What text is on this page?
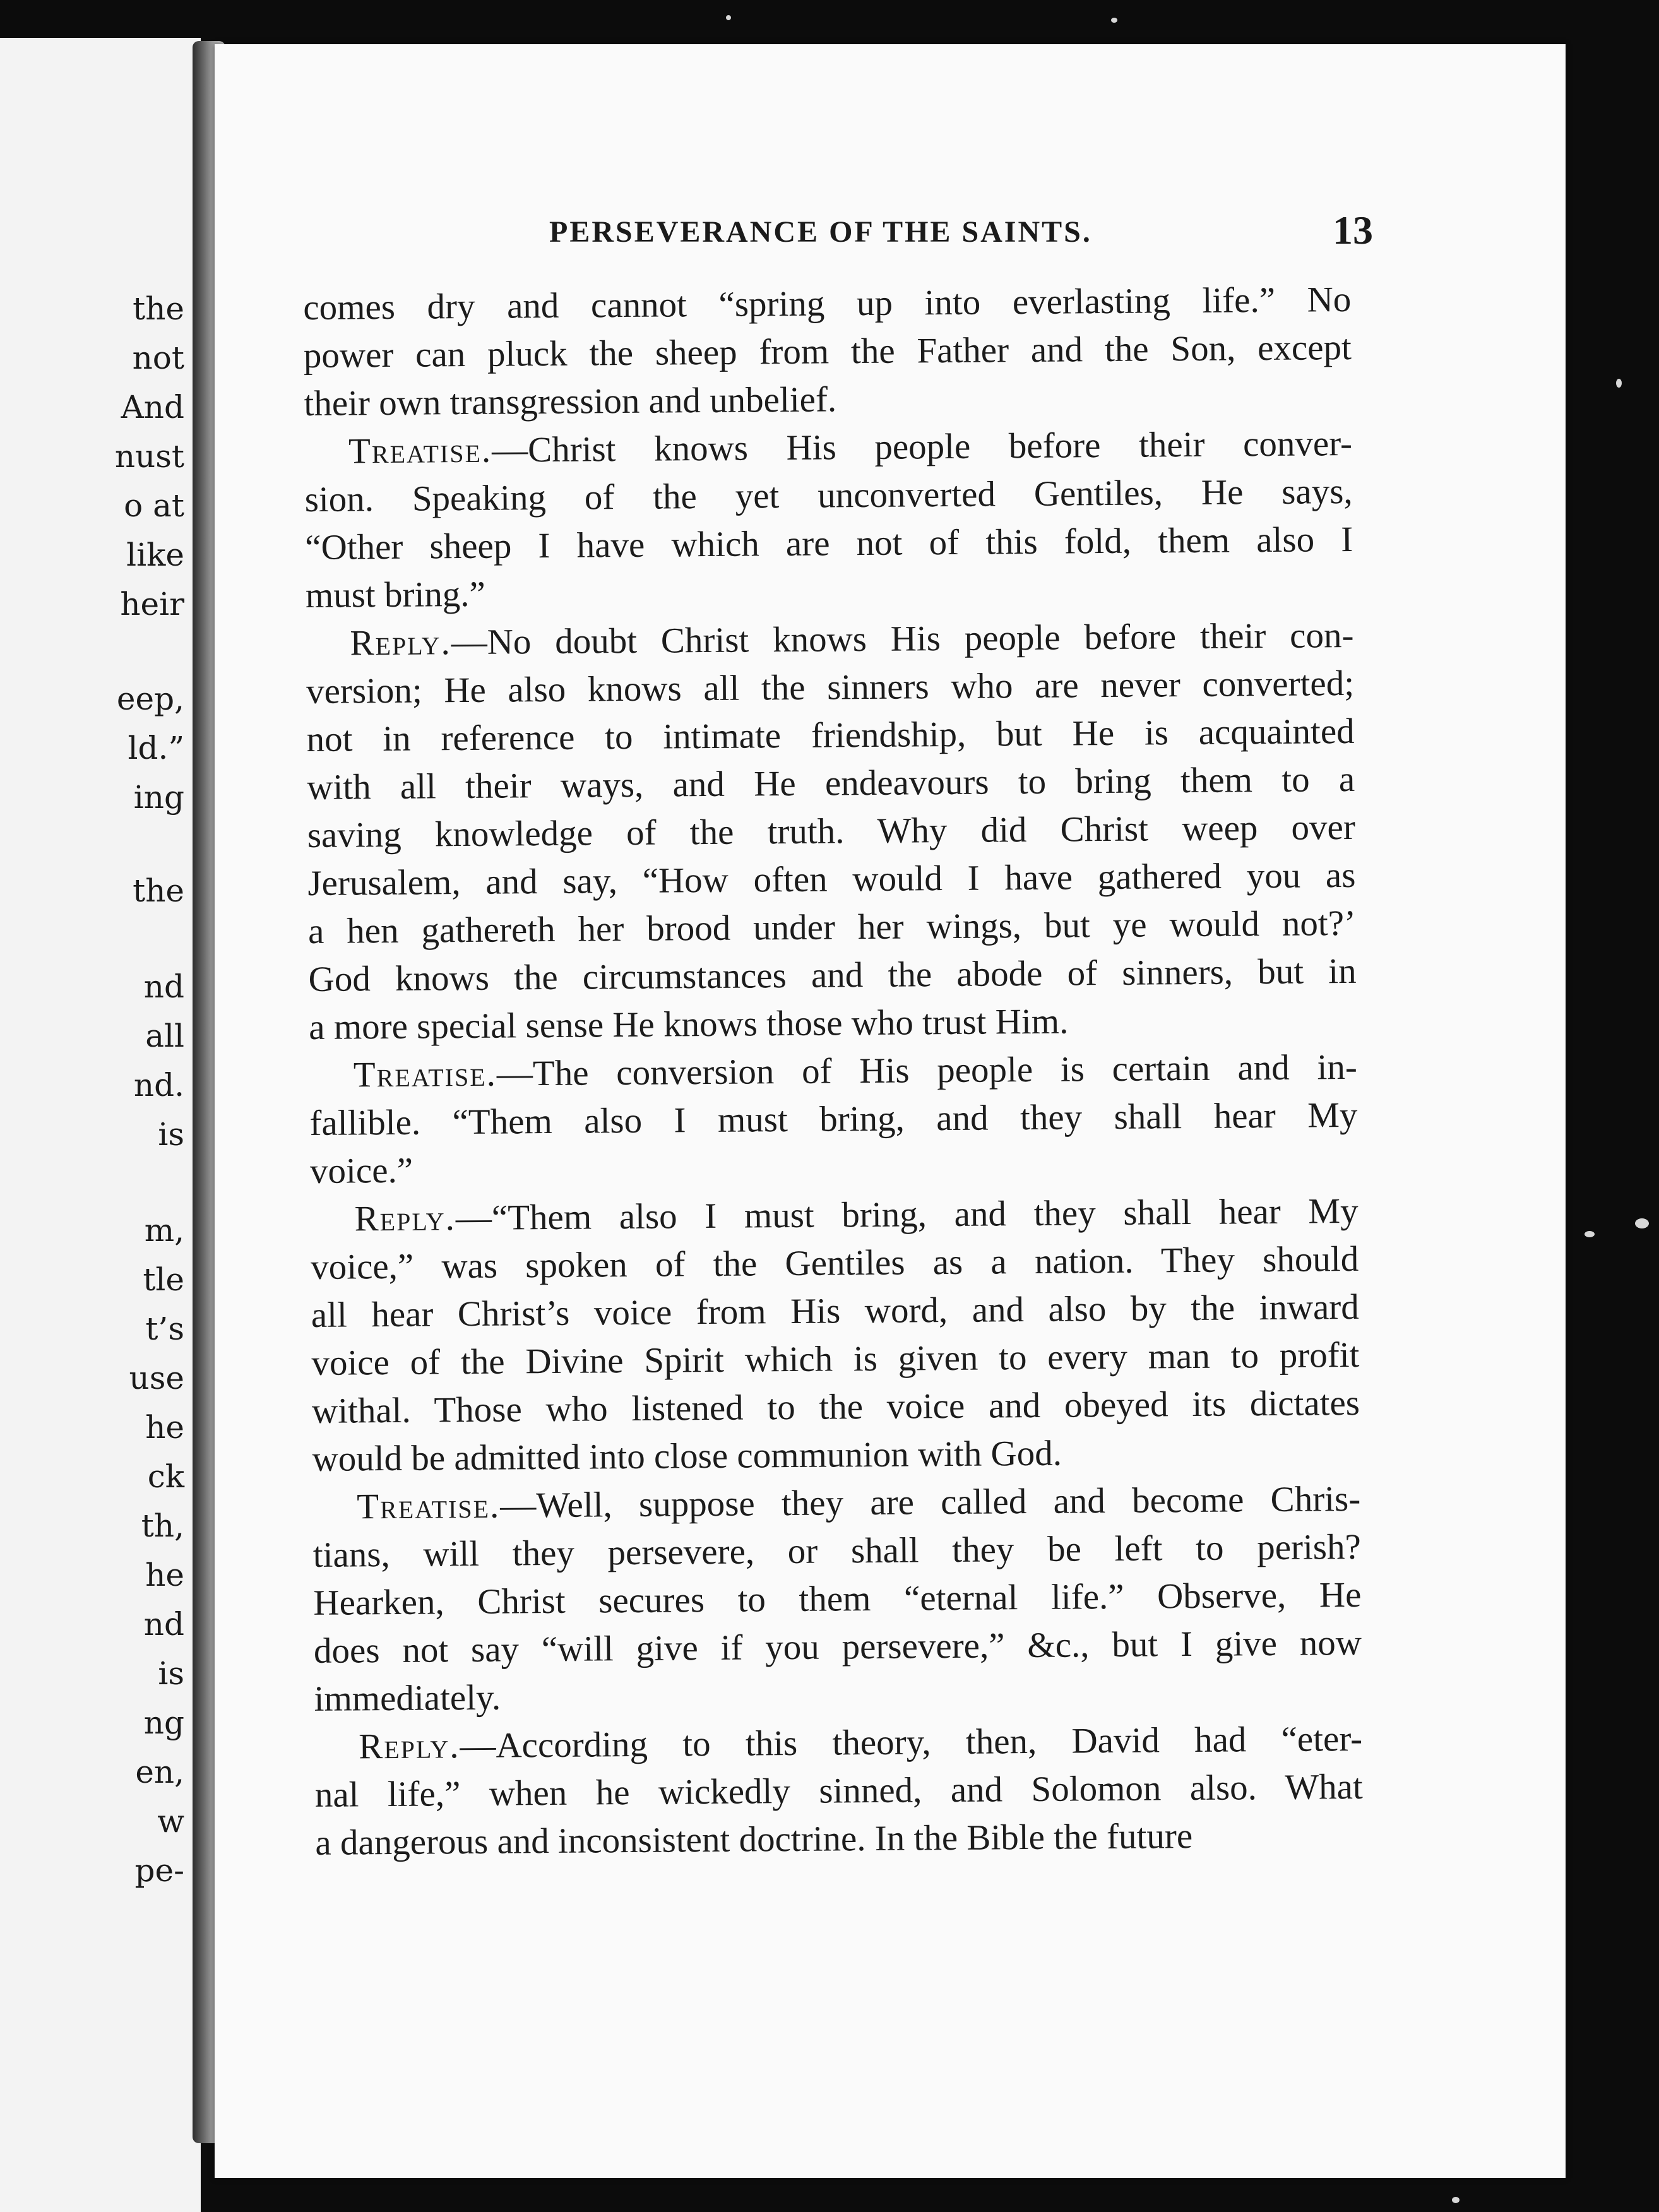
the
not
And
nust
o at
like
heir
eep,
ld.”
ing
the
nd
all
nd.
is
m,
tle
t’s
use
he
ck
th,
he
nd
is
ng
en,
w
pe-
PERSEVERANCE OF THE SAINTS.	13
comes dry and cannot “spring up into everlasting life.” No
power can pluck the sheep from the Father and the Son, except
their own transgression and unbelief.
Treatise.—Christ knows His people before their conver-
sion. Speaking of the yet unconverted Gentiles, He says,
“Other sheep I have which are not of this fold, them also I
must bring.”
Reply.—No doubt Christ knows His people before their con-
version; He also knows all the sinners who are never converted;
not in reference to intimate friendship, but He is acquainted
with all their ways, and He endeavours to bring them to a
saving knowledge of the truth. Why did Christ weep over
Jerusalem, and say, “How often would I have gathered you as
a hen gathereth her brood under her wings, but ye would not?’
God knows the circumstances and the abode of sinners, but in
a more special sense He knows those who trust Him.
Treatise.—The conversion of His people is certain and in-
fallible. “Them also I must bring, and they shall hear My
voice.”
Reply.—“Them also I must bring, and they shall hear My
voice,” was spoken of the Gentiles as a nation. They should
all hear Christ’s voice from His word, and also by the inward
voice of the Divine Spirit which is given to every man to profit
withal. Those who listened to the voice and obeyed its dictates
would be admitted into close communion with God.
Treatise.—Well, suppose they are called and become Chris-
tians, will they persevere, or shall they be left to perish?
Hearken, Christ secures to them “eternal life.” Observe, He
does not say “will give if you persevere,” &c., but I give now
immediately.
Reply.—According to this theory, then, David had “eter-
nal life,” when he wickedly sinned, and Solomon also. What
a dangerous and inconsistent doctrine. In the Bible the future
